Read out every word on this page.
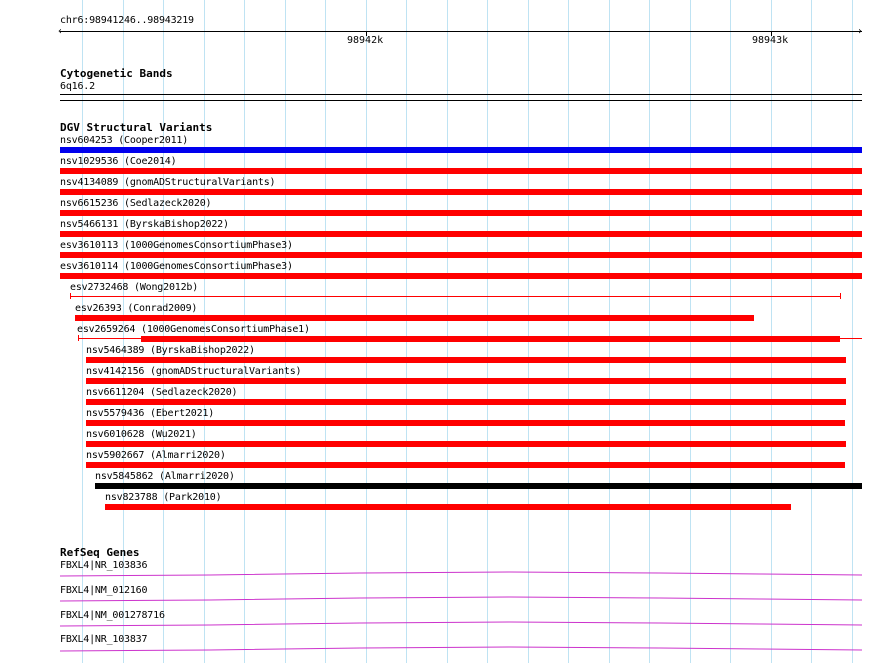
chr6:98941246..98943219
‹	›
98942k	98943k
Cytogenetic Bands
6q16.2
DGV Structural Variants
nsv604253 (Cooper2011)
nsv1029536 (Coe2014)
nsv4134089 (gnomADStructuralVariants)
nsv6615236 (Sedlazeck2020)
nsv5466131 (ByrskaBishop2022)
esv3610113 (1000GenomesConsortiumPhase3)
esv3610114 (1000GenomesConsortiumPhase3)
esv2732468 (Wong2012b)
esv26393 (Conrad2009)
esv2659264 (1000GenomesConsortiumPhase1)
nsv5464389 (ByrskaBishop2022)
nsv4142156 (gnomADStructuralVariants)
nsv6611204 (Sedlazeck2020)
nsv5579436 (Ebert2021)
nsv6010628 (Wu2021)
nsv5902667 (Almarri2020)
nsv5845862 (Almarri2020)
nsv823788 (Park2010)
RefSeq Genes
FBXL4|NR_103836
FBXL4|NM_012160
FBXL4|NM_001278716
FBXL4|NR_103837
